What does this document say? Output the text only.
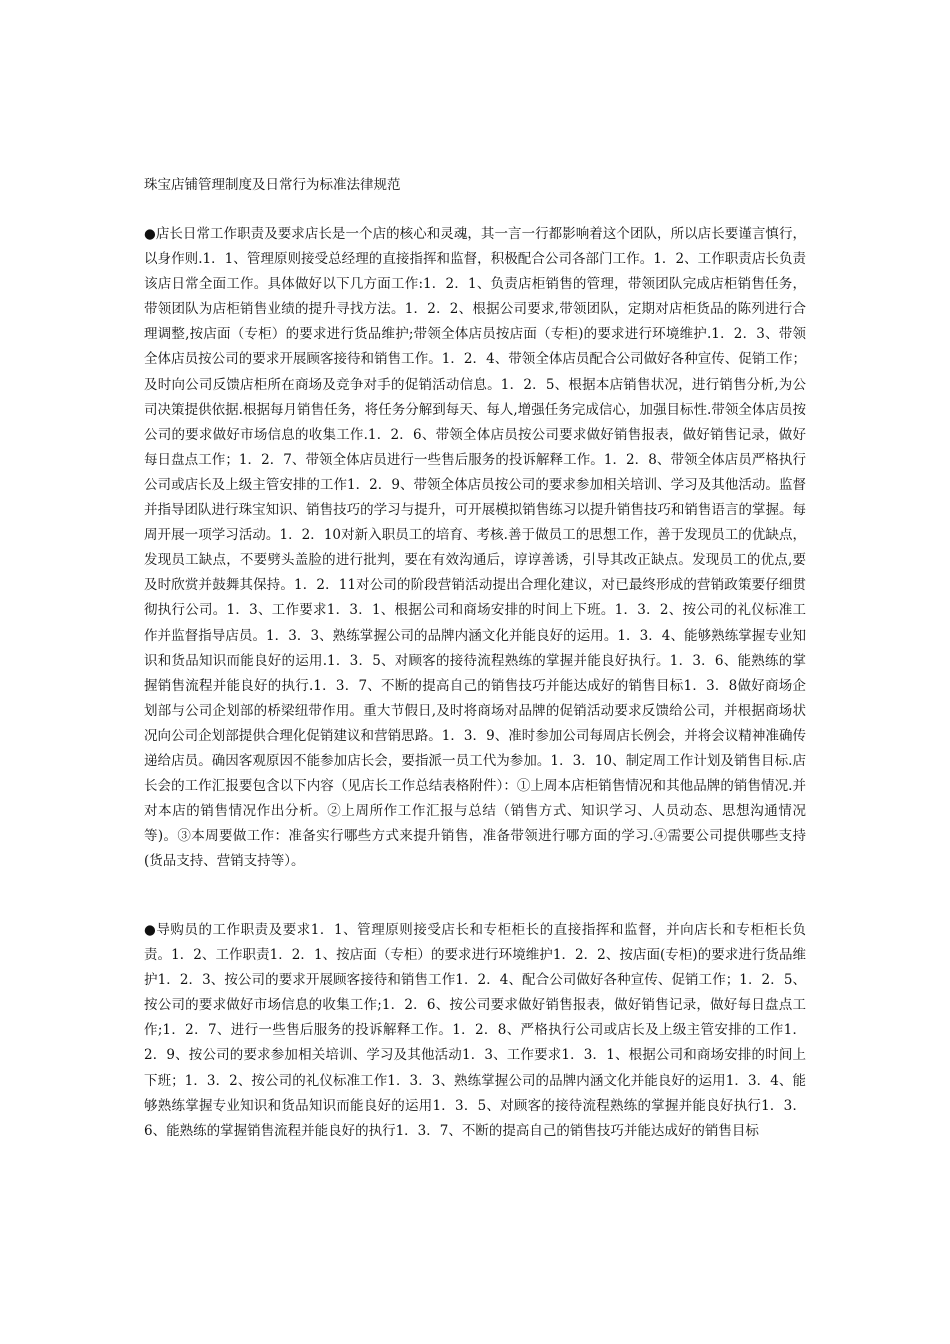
珠宝店铺管理制度及日常行为标准法律规范
●店长日常工作职责及要求店长是一个店的核心和灵魂，其一言一行都影响着这个团队，所以店长要谨言慎行，以身作则.1．1、管理原则接受总经理的直接指挥和监督，积极配合公司各部门工作。1．2、工作职责店长负责该店日常全面工作。具体做好以下几方面工作:1．2．1、负责店柜销售的管理，带领团队完成店柜销售任务，带领团队为店柜销售业绩的提升寻找方法。1．2．2、根据公司要求,带领团队，定期对店柜货品的陈列进行合理调整,按店面（专柜）的要求进行货品维护;带领全体店员按店面（专柜)的要求进行环境维护.1．2．3、带领全体店员按公司的要求开展顾客接待和销售工作。1．2．4、带领全体店员配合公司做好各种宣传、促销工作；及时向公司反馈店柜所在商场及竞争对手的促销活动信息。1．2．5、根据本店销售状况，进行销售分析,为公司决策提供依据.根据每月销售任务，将任务分解到每天、每人,增强任务完成信心，加强目标性.带领全体店员按公司的要求做好市场信息的收集工作.1．2．6、带领全体店员按公司要求做好销售报表，做好销售记录，做好每日盘点工作；1．2．7、带领全体店员进行一些售后服务的投诉解释工作。1．2．8、带领全体店员严格执行公司或店长及上级主管安排的工作1．2．9、带领全体店员按公司的要求参加相关培训、学习及其他活动。监督并指导团队进行珠宝知识、销售技巧的学习与提升，可开展模拟销售练习以提升销售技巧和销售语言的掌握。每周开展一项学习活动。1．2．10对新入职员工的培育、考核.善于做员工的思想工作，善于发现员工的优缺点，发现员工缺点，不要劈头盖脸的进行批判，要在有效沟通后，谆谆善诱，引导其改正缺点。发现员工的优点,要及时欣赏并鼓舞其保持。1．2．11对公司的阶段营销活动提出合理化建议，对已最终形成的营销政策要仔细贯彻执行公司。1．3、工作要求1．3．1、根据公司和商场安排的时间上下班。1．3．2、按公司的礼仪标准工作并监督指导店员。1．3．3、熟练掌握公司的品牌内涵文化并能良好的运用。1．3．4、能够熟练掌握专业知识和货品知识而能良好的运用.1．3．5、对顾客的接待流程熟练的掌握并能良好执行。1．3．6、能熟练的掌握销售流程并能良好的执行.1．3．7、不断的提高自己的销售技巧并能达成好的销售目标1．3．8做好商场企划部与公司企划部的桥梁纽带作用。重大节假日,及时将商场对品牌的促销活动要求反馈给公司，并根据商场状况向公司企划部提供合理化促销建议和营销思路。1．3．9、准时参加公司每周店长例会，并将会议精神准确传递给店员。确因客观原因不能参加店长会，要指派一员工代为参加。1．3．10、制定周工作计划及销售目标.店长会的工作汇报要包含以下内容（见店长工作总结表格附件）：①上周本店柜销售情况和其他品牌的销售情况.并对本店的销售情况作出分析。②上周所作工作汇报与总结（销售方式、知识学习、人员动态、思想沟通情况等)。③本周要做工作：准备实行哪些方式来提升销售，准备带领进行哪方面的学习.④需要公司提供哪些支持(货品支持、营销支持等）。
●导购员的工作职责及要求1．1、管理原则接受店长和专柜柜长的直接指挥和监督，并向店长和专柜柜长负责。1．2、工作职责1．2．1、按店面（专柜）的要求进行环境维护1．2．2、按店面(专柜)的要求进行货品维护1．2．3、按公司的要求开展顾客接待和销售工作1．2．4、配合公司做好各种宣传、促销工作；1．2．5、按公司的要求做好市场信息的收集工作;1．2．6、按公司要求做好销售报表，做好销售记录，做好每日盘点工作;1．2．7、进行一些售后服务的投诉解释工作。1．2．8、严格执行公司或店长及上级主管安排的工作1．2．9、按公司的要求参加相关培训、学习及其他活动1．3、工作要求1．3．1、根据公司和商场安排的时间上下班；1．3．2、按公司的礼仪标准工作1．3．3、熟练掌握公司的品牌内涵文化并能良好的运用1．3．4、能够熟练掌握专业知识和货品知识而能良好的运用1．3．5、对顾客的接待流程熟练的掌握并能良好执行1．3．6、能熟练的掌握销售流程并能良好的执行1．3．7、不断的提高自己的销售技巧并能达成好的销售目标
